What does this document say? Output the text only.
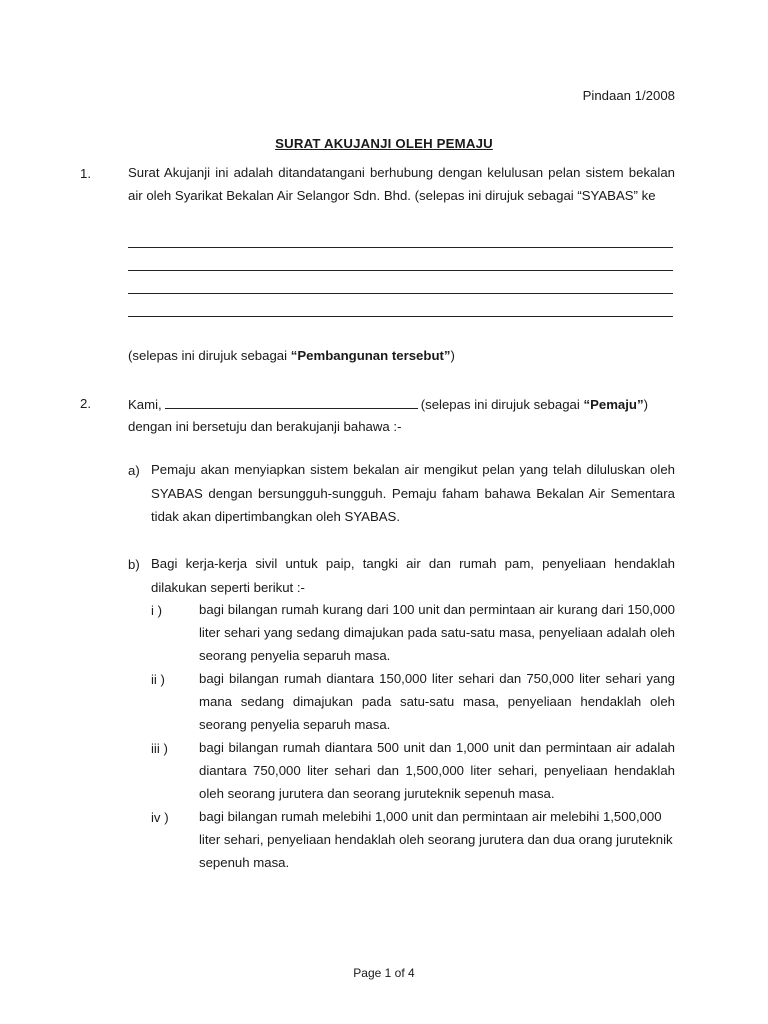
Pindaan 1/2008
SURAT AKUJANJI OLEH PEMAJU
1.	Surat Akujanji ini adalah ditandatangani berhubung dengan kelulusan pelan sistem bekalan air oleh Syarikat Bekalan Air Selangor Sdn. Bhd. (selepas ini dirujuk sebagai “SYABAS” ke
(selepas ini dirujuk sebagai “Pembangunan tersebut”)
2.	Kami,	(selepas ini dirujuk sebagai “Pemaju”)
dengan ini bersetuju dan berakujanji bahawa :-
a) Pemaju akan menyiapkan sistem bekalan air mengikut pelan yang telah diluluskan oleh SYABAS dengan bersungguh-sungguh. Pemaju faham bahawa Bekalan Air Sementara tidak akan dipertimbangkan oleh SYABAS.
b) Bagi kerja-kerja sivil untuk paip, tangki air dan rumah pam, penyeliaan hendaklah dilakukan seperti berikut :-
i )	bagi bilangan rumah kurang dari 100 unit dan permintaan air kurang dari 150,000 liter sehari yang sedang dimajukan pada satu-satu masa, penyeliaan adalah oleh seorang penyelia separuh masa.
ii )	bagi bilangan rumah diantara 150,000 liter sehari dan 750,000 liter sehari yang mana sedang dimajukan pada satu-satu masa, penyeliaan hendaklah oleh seorang penyelia separuh masa.
iii ) bagi bilangan rumah diantara 500 unit dan 1,000 unit dan permintaan air adalah diantara 750,000 liter sehari dan 1,500,000 liter sehari, penyeliaan hendaklah oleh seorang jurutera dan seorang juruteknik sepenuh masa.
iv ) bagi bilangan rumah melebihi 1,000 unit dan permintaan air melebihi 1,500,000 liter sehari, penyeliaan hendaklah oleh seorang jurutera dan dua orang juruteknik sepenuh masa.
Page 1 of 4
